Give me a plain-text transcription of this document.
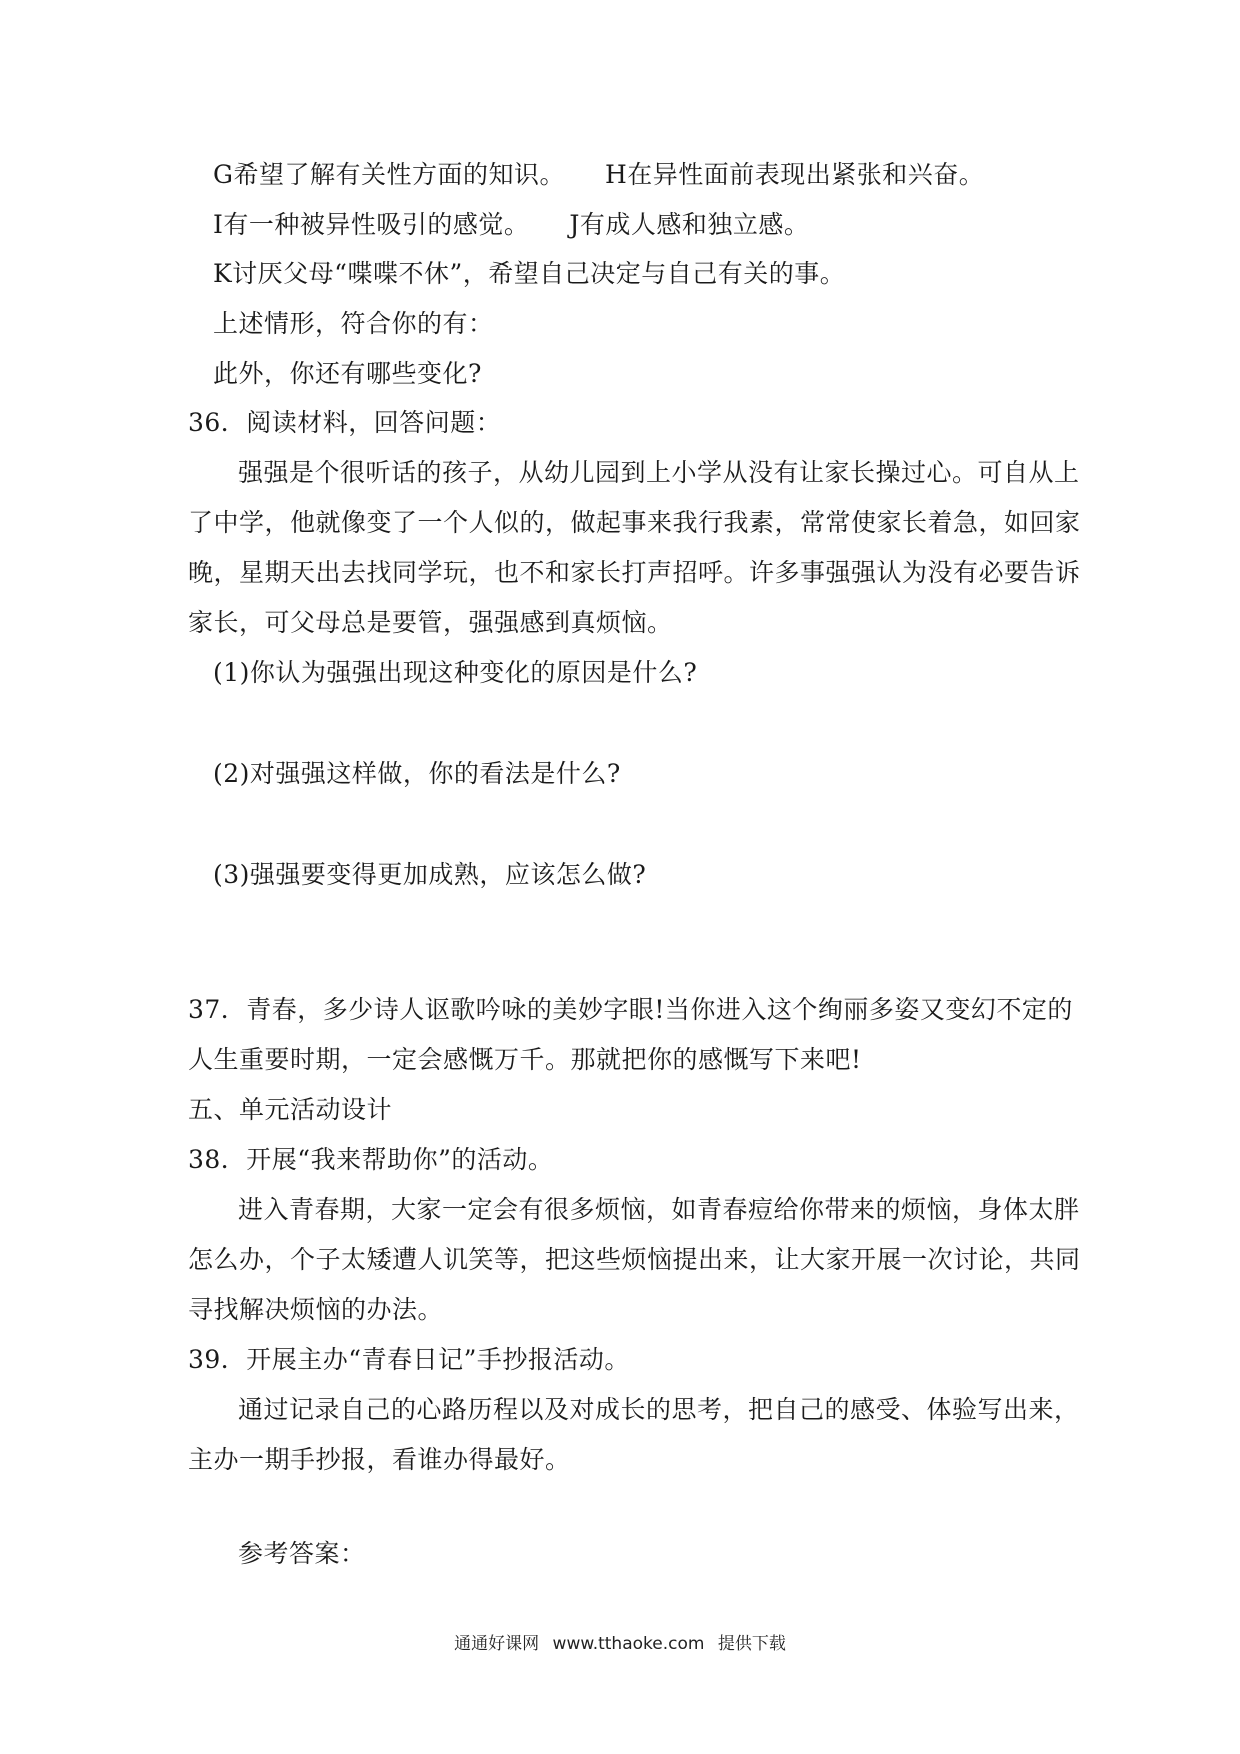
G希望了解有关性方面的知识。 H在异性面前表现出紧张和兴奋。
I有一种被异性吸引的感觉。 J有成人感和独立感。
K讨厌父母“喋喋不休”，希望自己决定与自己有关的事。
上述情形，符合你的有：
此外，你还有哪些变化?
36．阅读材料，回答问题：
强强是个很听话的孩子，从幼儿园到上小学从没有让家长操过心。可自从上
了中学，他就像变了一个人似的，做起事来我行我素，常常使家长着急，如回家
晚，星期天出去找同学玩，也不和家长打声招呼。许多事强强认为没有必要告诉
家长，可父母总是要管，强强感到真烦恼。
(1)你认为强强出现这种变化的原因是什么?
(2)对强强这样做，你的看法是什么?
(3)强强要变得更加成熟，应该怎么做?
37．青春，多少诗人讴歌吟咏的美妙字眼!当你进入这个绚丽多姿又变幻不定的
人生重要时期，一定会感慨万千。那就把你的感慨写下来吧!
五、单元活动设计
38．开展“我来帮助你”的活动。
进入青春期，大家一定会有很多烦恼，如青春痘给你带来的烦恼，身体太胖
怎么办，个子太矮遭人讥笑等，把这些烦恼提出来，让大家开展一次讨论，共同
寻找解决烦恼的办法。
39．开展主办“青春日记”手抄报活动。
通过记录自己的心路历程以及对成长的思考，把自己的感受、体验写出来，
主办一期手抄报，看谁办得最好。
参考答案：
通通好课网 www.tthaoke.com 提供下载
